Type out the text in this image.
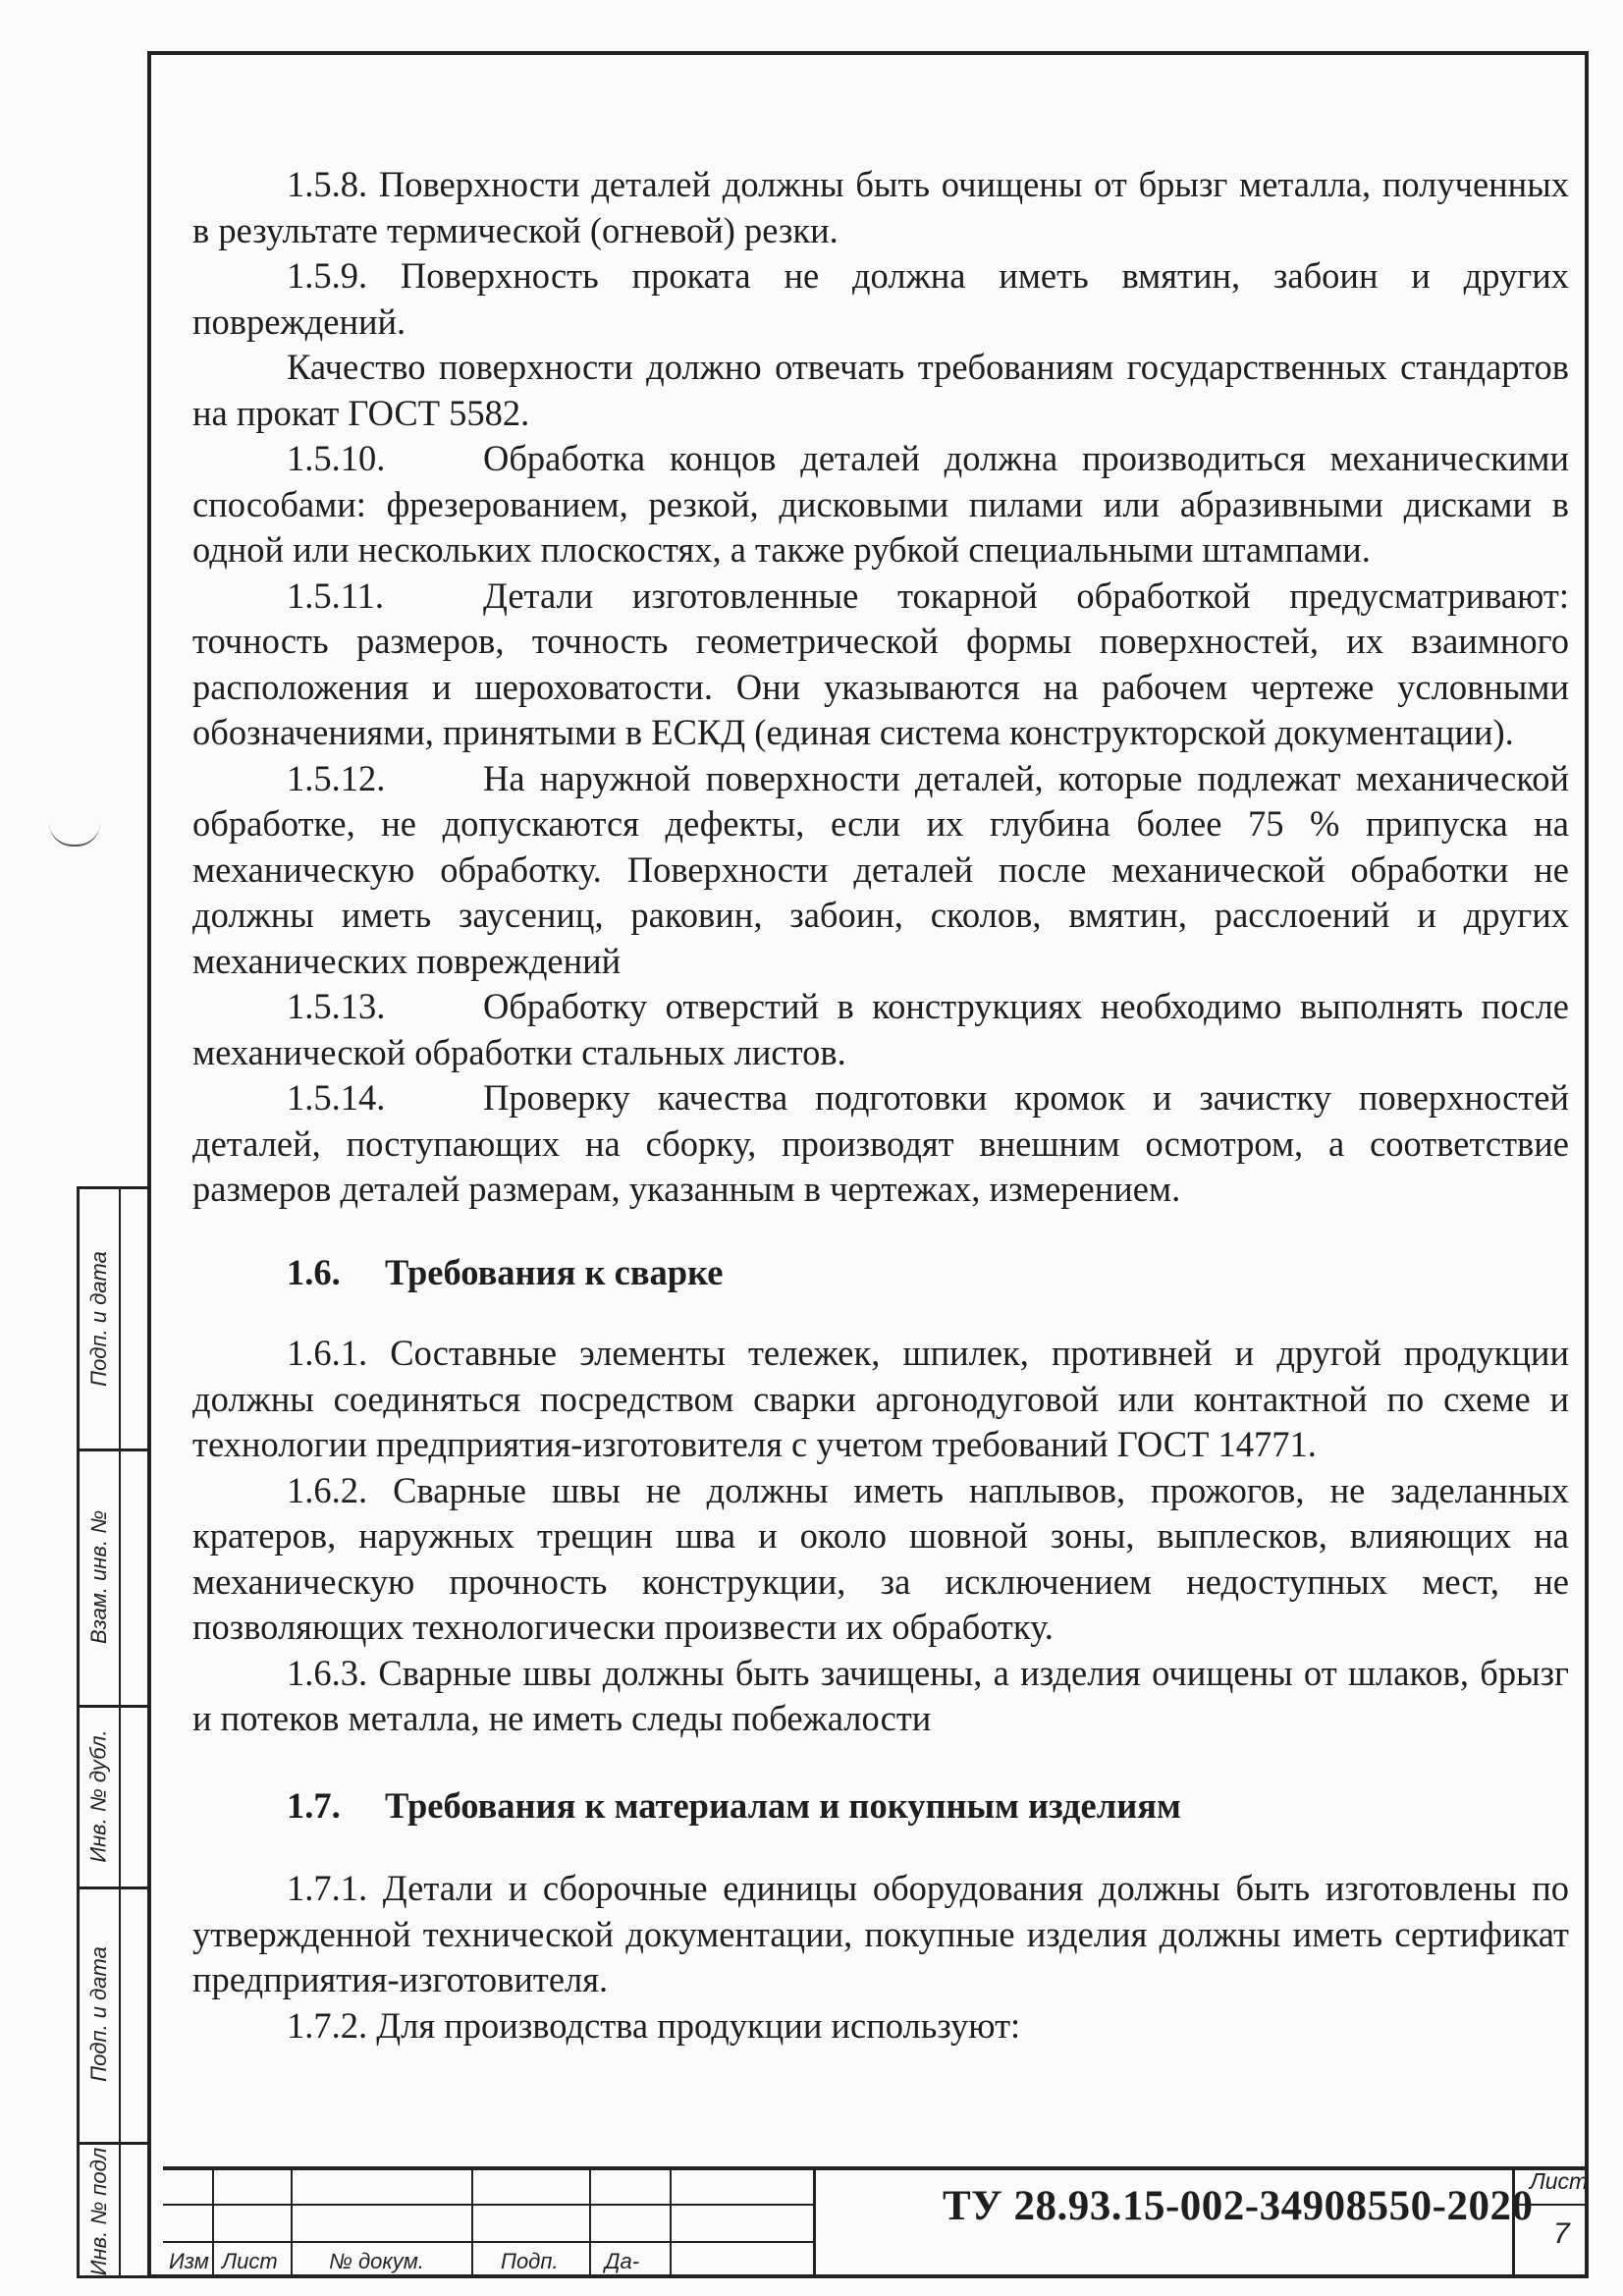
1.5.8. Поверхности деталей должны быть очищены от брызг металла, полученных в результате термической (огневой) резки.

1.5.9. Поверхность проката не должна иметь вмятин, забоин и других повреждений.

Качество поверхности должно отвечать требованиям государственных стандартов на прокат ГОСТ 5582.

1.5.10.	Обработка концов деталей должна производиться механическими способами: фрезерованием, резкой, дисковыми пилами или абразивными дисками в одной или нескольких плоскостях, а также рубкой специальными штампами.

1.5.11.	Детали изготовленные токарной обработкой предусматривают: точность размеров, точность геометрической формы поверхностей, их взаимного расположения и шероховатости. Они указываются на рабочем чертеже условными обозначениями, принятыми в ЕСКД (единая система конструкторской документации).

1.5.12.	На наружной поверхности деталей, которые подлежат механической обработке, не допускаются дефекты, если их глубина более 75 % припуска на механическую обработку. Поверхности деталей после механической обработки не должны иметь заусениц, раковин, забоин, сколов, вмятин, расслоений и других механических повреждений

1.5.13.	Обработку отверстий в конструкциях необходимо выполнять после механической обработки стальных листов.

1.5.14.	Проверку качества подготовки кромок и зачистку поверхностей деталей, поступающих на сборку, производят внешним осмотром, а соответствие размеров деталей размерам, указанным в чертежах, измерением.

1.6. Требования к сварке

1.6.1. Составные элементы тележек, шпилек, противней и другой продукции должны соединяться посредством сварки аргонодуговой или контактной по схеме и технологии предприятия-изготовителя с учетом требований ГОСТ 14771.

1.6.2. Сварные швы не должны иметь наплывов, прожогов, не заделанных кратеров, наружных трещин шва и около шовной зоны, выплесков, влияющих на механическую прочность конструкции, за исключением недоступных мест, не позволяющих технологически произвести их обработку.

1.6.3. Сварные швы должны быть зачищены, а изделия очищены от шлаков, брызг и потеков металла, не иметь следы побежалости

1.7. Требования к материалам и покупным изделиям

1.7.1. Детали и сборочные единицы оборудования должны быть изготовлены по утвержденной технической документации, покупные изделия должны иметь сертификат предприятия-изготовителя.

1.7.2. Для производства продукции используют:

Подп. и дата
Взам. инв. №
Инв. № дубл.
Подп. и дата
Инв. № подл	Изм Лист № докум.	Подп. Да-
ТУ 28.93.15-002-34908550-2020
Лист
7
